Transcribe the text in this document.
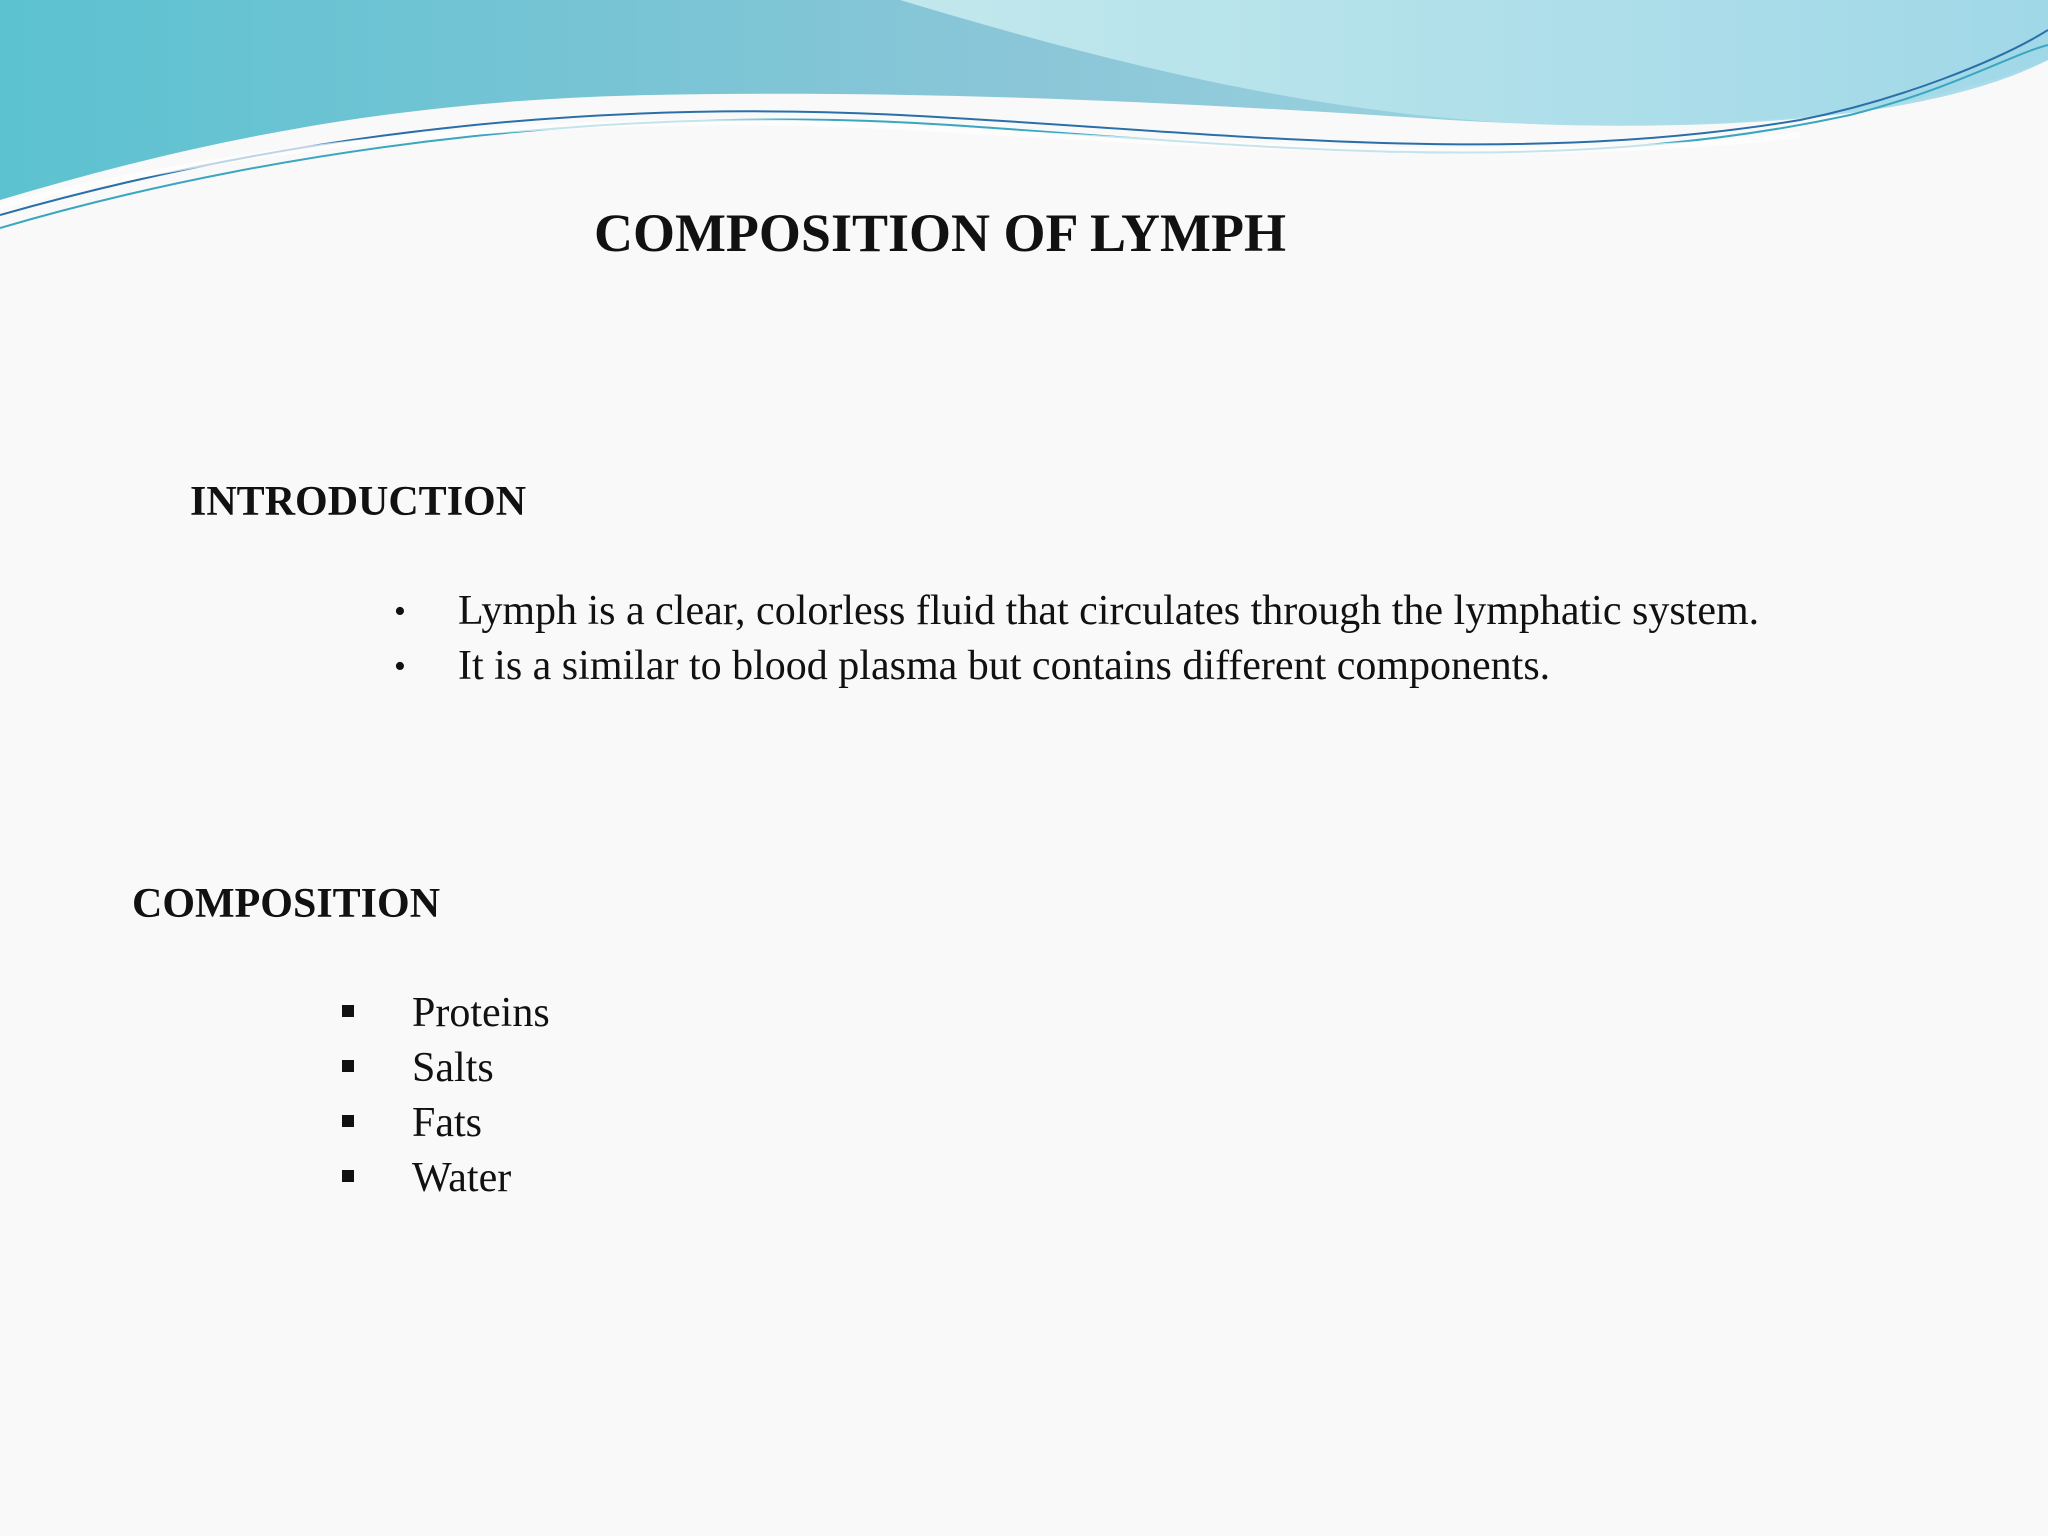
COMPOSITION OF LYMPH
INTRODUCTION
• Lymph is a clear, colorless fluid that circulates through the lymphatic system.
• It is a similar to blood plasma but contains different components.
COMPOSITION
Proteins
Salts
Fats
Water
